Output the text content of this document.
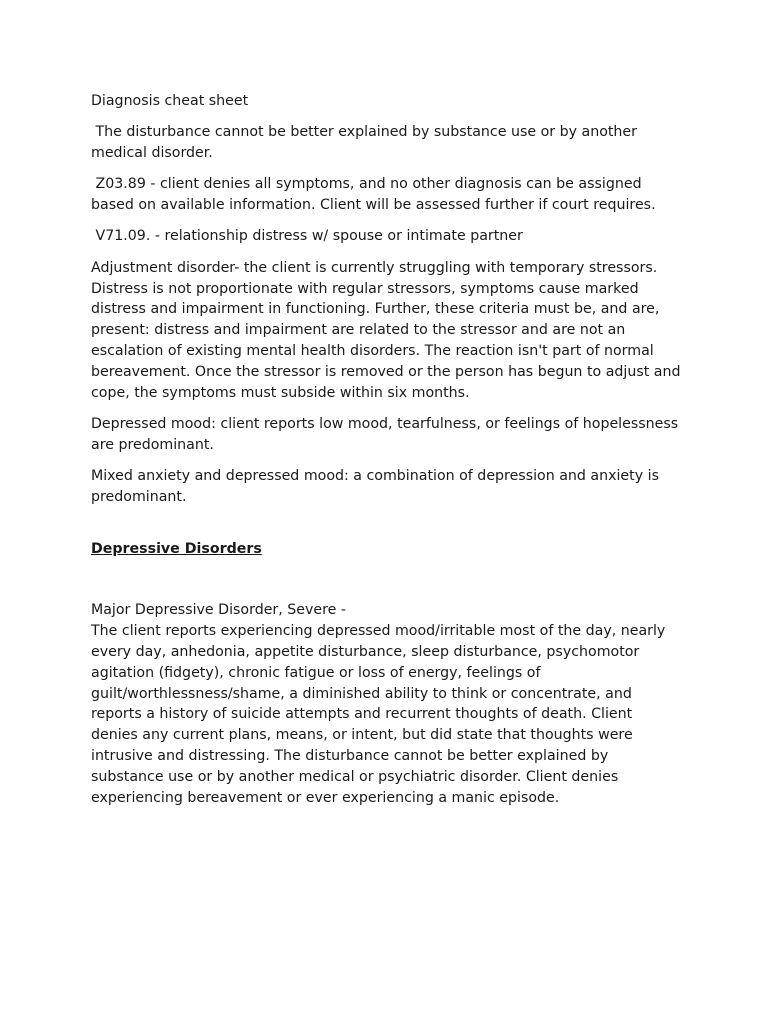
Diagnosis cheat sheet

The disturbance cannot be better explained by substance use or by another medical disorder.

Z03.89 - client denies all symptoms, and no other diagnosis can be assigned based on available information. Client will be assessed further if court requires.

V71.09. - relationship distress w/ spouse or intimate partner

Adjustment disorder- the client is currently struggling with temporary stressors. Distress is not proportionate with regular stressors, symptoms cause marked distress and impairment in functioning. Further, these criteria must be, and are, present: distress and impairment are related to the stressor and are not an escalation of existing mental health disorders. The reaction isn't part of normal bereavement. Once the stressor is removed or the person has begun to adjust and cope, the symptoms must subside within six months.

Depressed mood: client reports low mood, tearfulness, or feelings of hopelessness are predominant.

Mixed anxiety and depressed mood: a combination of depression and anxiety is predominant.

Depressive Disorders

Major Depressive Disorder, Severe -

The client reports experiencing depressed mood/irritable most of the day, nearly every day, anhedonia, appetite disturbance, sleep disturbance, psychomotor agitation (fidgety), chronic fatigue or loss of energy, feelings of guilt/worthlessness/shame, a diminished ability to think or concentrate, and reports a history of suicide attempts and recurrent thoughts of death. Client denies any current plans, means, or intent, but did state that thoughts were intrusive and distressing. The disturbance cannot be better explained by substance use or by another medical or psychiatric disorder. Client denies experiencing bereavement or ever experiencing a manic episode.
